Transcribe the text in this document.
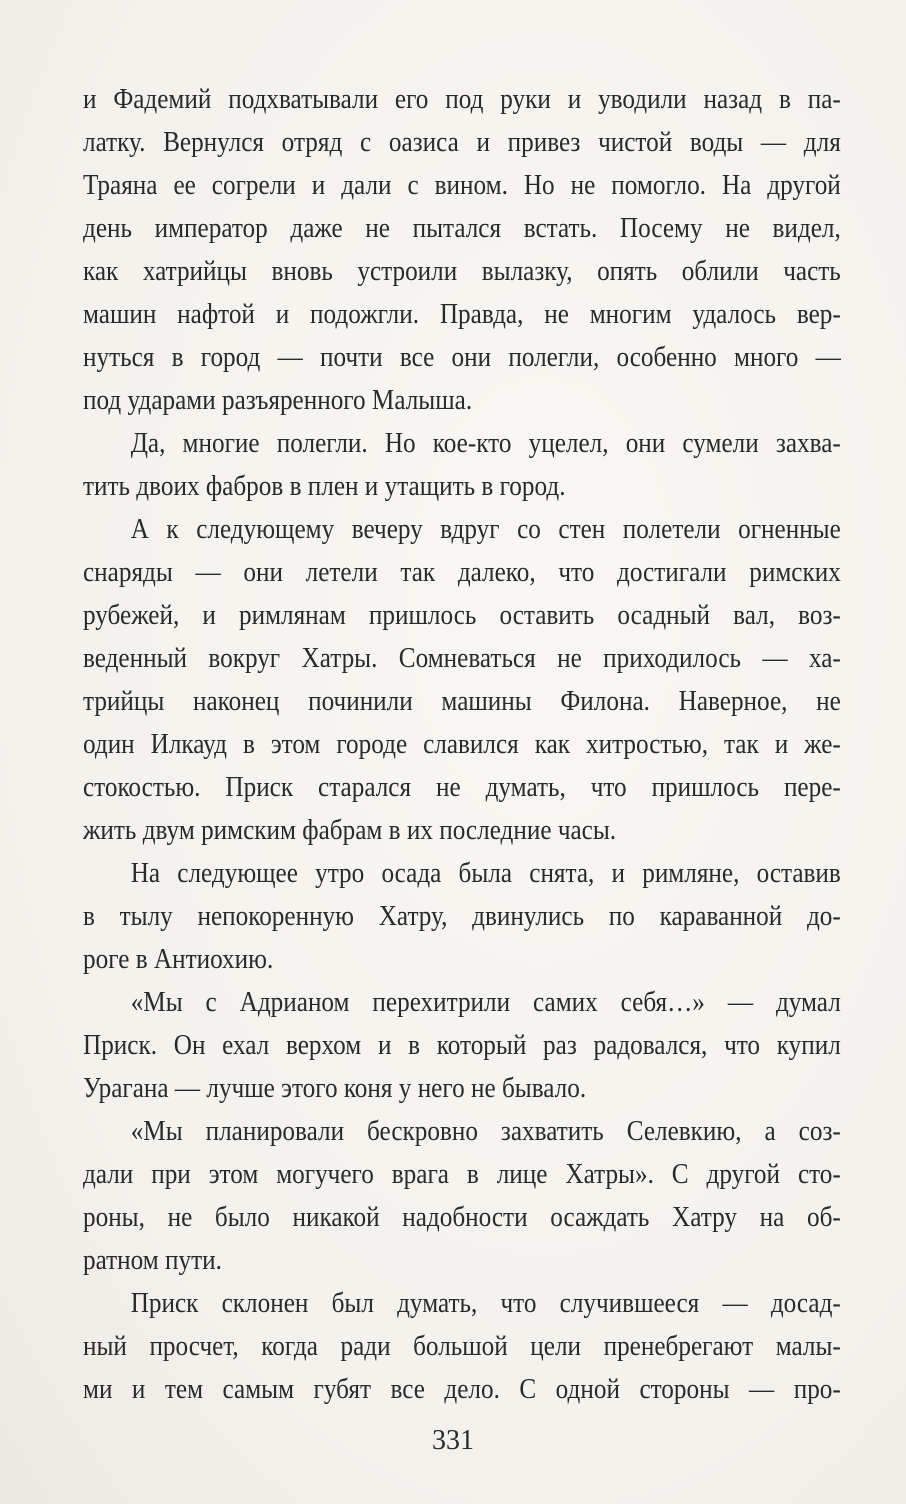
и Фадемий подхватывали его под руки и уводили назад в па-
латку. Вернулся отряд с оазиса и привез чистой воды — для
Траяна ее согрели и дали с вином. Но не помогло. На другой
день император даже не пытался встать. Посему не видел,
как хатрийцы вновь устроили вылазку, опять облили часть
машин нафтой и подожгли. Правда, не многим удалось вер-
нуться в город — почти все они полегли, особенно много —
под ударами разъяренного Малыша.
Да, многие полегли. Но кое-кто уцелел, они сумели захва-
тить двоих фабров в плен и утащить в город.
А к следующему вечеру вдруг со стен полетели огненные
снаряды — они летели так далеко, что достигали римских
рубежей, и римлянам пришлось оставить осадный вал, воз-
веденный вокруг Хатры. Сомневаться не приходилось — ха-
трийцы наконец починили машины Филона. Наверное, не
один Илкауд в этом городе славился как хитростью, так и же-
стокостью. Приск старался не думать, что пришлось пере-
жить двум римским фабрам в их последние часы.
На следующее утро осада была снята, и римляне, оставив
в тылу непокоренную Хатру, двинулись по караванной до-
роге в Антиохию.
«Мы с Адрианом перехитрили самих себя…» — думал
Приск. Он ехал верхом и в который раз радовался, что купил
Урагана — лучше этого коня у него не бывало.
«Мы планировали бескровно захватить Селевкию, а соз-
дали при этом могучего врага в лице Хатры». С другой сто-
роны, не было никакой надобности осаждать Хатру на об-
ратном пути.
Приск склонен был думать, что случившееся — досад-
ный просчет, когда ради большой цели пренебрегают малы-
ми и тем самым губят все дело. С одной стороны — про-
331
